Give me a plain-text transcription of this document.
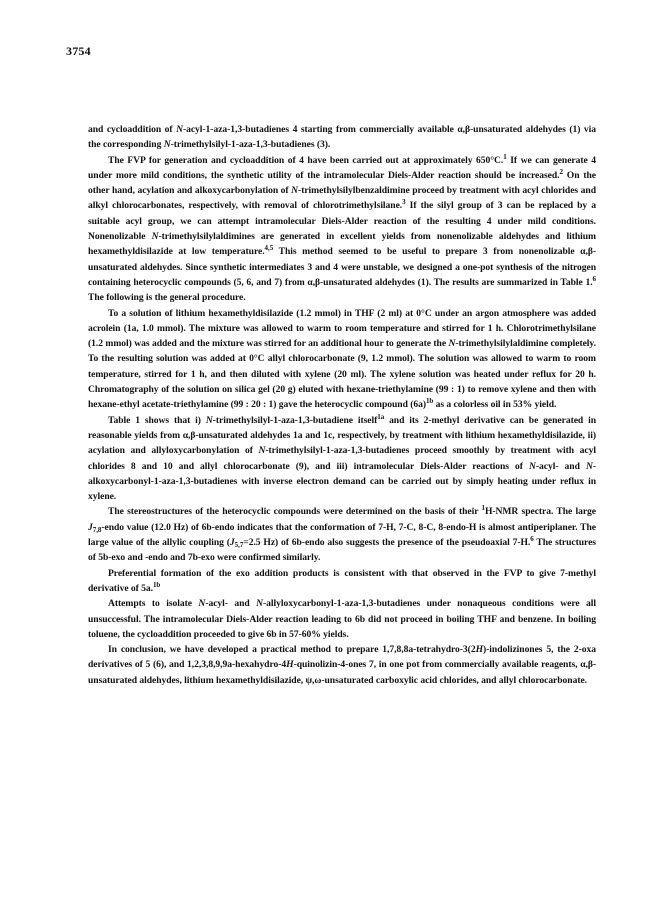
3754

and cycloaddition of N-acyl-1-aza-1,3-butadienes 4 starting from commercially available α,β-unsaturated aldehydes (1) via the corresponding N-trimethylsilyl-1-aza-1,3-butadienes (3).

The FVP for generation and cycloaddition of 4 have been carried out at approximately 650°C.$^1$ If we can generate 4 under more mild conditions, the synthetic utility of the intramolecular Diels-Alder reaction should be increased.$^2$ On the other hand, acylation and alkoxycarbonylation of N-trimethylsilylbenzaldimine proceed by treatment with acyl chlorides and alkyl chlorocarbonates, respectively, with removal of chlorotrimethylsilane.$^3$ If the silyl group of 3 can be replaced by a suitable acyl group, we can attempt intramolecular Diels-Alder reaction of the resulting 4 under mild conditions. Nonenolizable N-trimethylsilylaldimines are generated in excellent yields from nonenolizable aldehydes and lithium hexamethyldisilazide at low temperature.$^{4,5}$ This method seemed to be useful to prepare 3 from nonenolizable α,β-unsaturated aldehydes. Since synthetic intermediates 3 and 4 were unstable, we designed a one-pot synthesis of the nitrogen containing heterocyclic compounds (5, 6, and 7) from α,β-unsaturated aldehydes (1). The results are summarized in Table 1.$^6$ The following is the general procedure.

To a solution of lithium hexamethyldisilazide (1.2 mmol) in THF (2 ml) at 0°C under an argon atmosphere was added acrolein (1a, 1.0 mmol). The mixture was allowed to warm to room temperature and stirred for 1 h. Chlorotrimethylsilane (1.2 mmol) was added and the mixture was stirred for an additional hour to generate the N-trimethylsilylaldimine completely. To the resulting solution was added at 0°C allyl chlorocarbonate (9, 1.2 mmol). The solution was allowed to warm to room temperature, stirred for 1 h, and then diluted with xylene (20 ml). The xylene solution was heated under reflux for 20 h. Chromatography of the solution on silica gel (20 g) eluted with hexane-triethylamine (99 : 1) to remove xylene and then with hexane-ethyl acetate-triethylamine (99 : 20 : 1) gave the heterocyclic compound $(6a)^{1b}$ as a colorless oil in 53% yield.

Table 1 shows that i) N-trimethylsilyl-1-aza-1,3-butadiene itself$^{1a}$ and its 2-methyl derivative can be generated in reasonable yields from α,β-unsaturated aldehydes 1a and 1c, respectively, by treatment with lithium hexamethyldisilazide, ii) acylation and allyloxycarbonylation of N-trimethylsilyl-1-aza-1,3-butadienes proceed smoothly by treatment with acyl chlorides 8 and 10 and allyl chlorocarbonate (9), and iii) intramolecular Diels-Alder reactions of N-acyl- and N-alkoxycarbonyl-1-aza-1,3-butadienes with inverse electron demand can be carried out by simply heating under reflux in xylene.

The stereostructures of the heterocyclic compounds were determined on the basis of their $^1$H-NMR spectra. The large $J_{7,8}$-endo value (12.0 Hz) of 6b-endo indicates that the conformation of 7-H, 7-C, 8-C, 8-endo-H is almost antiperiplaner. The large value of the allylic coupling ($J_{5,7}=2.5$ Hz) of 6b-endo also suggests the presence of the pseudoaxial 7-H.$^6$ The structures of 5b-exo and -endo and 7b-exo were confirmed similarly.

Preferential formation of the exo addition products is consistent with that observed in the FVP to give 7-methyl derivative of 5a.$^{1b}$

Attempts to isolate N-acyl- and N-allyloxycarbonyl-1-aza-1,3-butadienes under nonaqueous conditions were all unsuccessful. The intramolecular Diels-Alder reaction leading to 6b did not proceed in boiling THF and benzene. In boiling toluene, the cycloaddition proceeded to give 6b in 57-60% yields.

In conclusion, we have developed a practical method to prepare 1,7,8,8a-tetrahydro-3(2H)-indolizinones 5, the 2-oxa derivatives of 5 (6), and 1,2,3,8,9,9a-hexahydro-4H-quinolizin-4-ones 7, in one pot from commercially available reagents, α,β-unsaturated aldehydes, lithium hexamethyldisilazide, ψ,ω-unsaturated carboxylic acid chlorides, and allyl chlorocarbonate.
